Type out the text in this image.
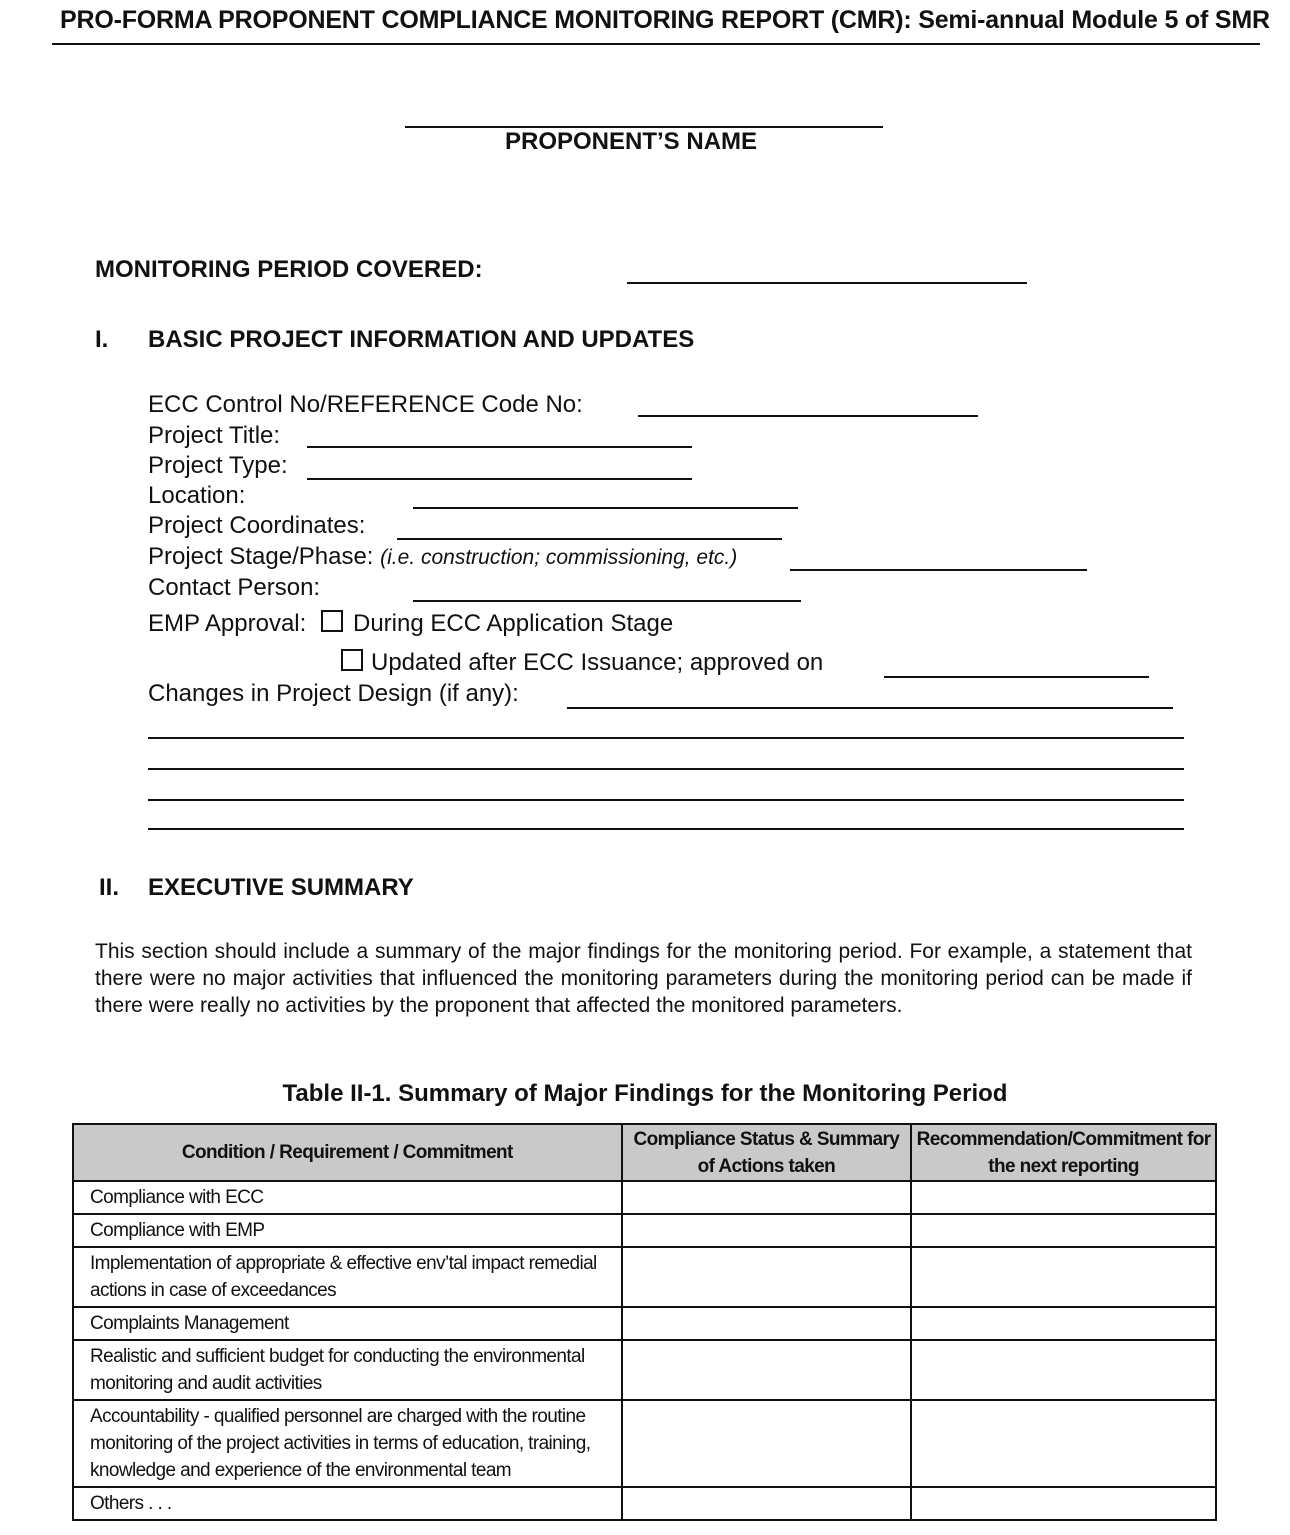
PRO-FORMA PROPONENT COMPLIANCE MONITORING REPORT (CMR): Semi-annual Module 5 of SMR
PROPONENT’S NAME
MONITORING PERIOD COVERED:
I. BASIC PROJECT INFORMATION AND UPDATES
ECC Control No/REFERENCE Code No:
Project Title:
Project Type:
Location:
Project Coordinates:
Project Stage/Phase: (i.e. construction; commissioning, etc.)
Contact Person:
EMP Approval: During ECC Application Stage
Updated after ECC Issuance; approved on
Changes in Project Design (if any):
II. EXECUTIVE SUMMARY
This section should include a summary of the major findings for the monitoring period. For example, a statement that there were no major activities that influenced the monitoring parameters during the monitoring period can be made if there were really no activities by the proponent that affected the monitored parameters.
Table II-1. Summary of Major Findings for the Monitoring Period
Condition / Requirement / Commitment	Compliance Status & Summary of Actions taken	Recommendation/Commitment for the next reporting
Compliance with ECC		
Compliance with EMP		
Implementation of appropriate & effective env’tal impact remedial actions in case of exceedances		
Complaints Management		
Realistic and sufficient budget for conducting the environmental monitoring and audit activities		
Accountability - qualified personnel are charged with the routine monitoring of the project activities in terms of education, training, knowledge and experience of the environmental team		
Others . . .		
